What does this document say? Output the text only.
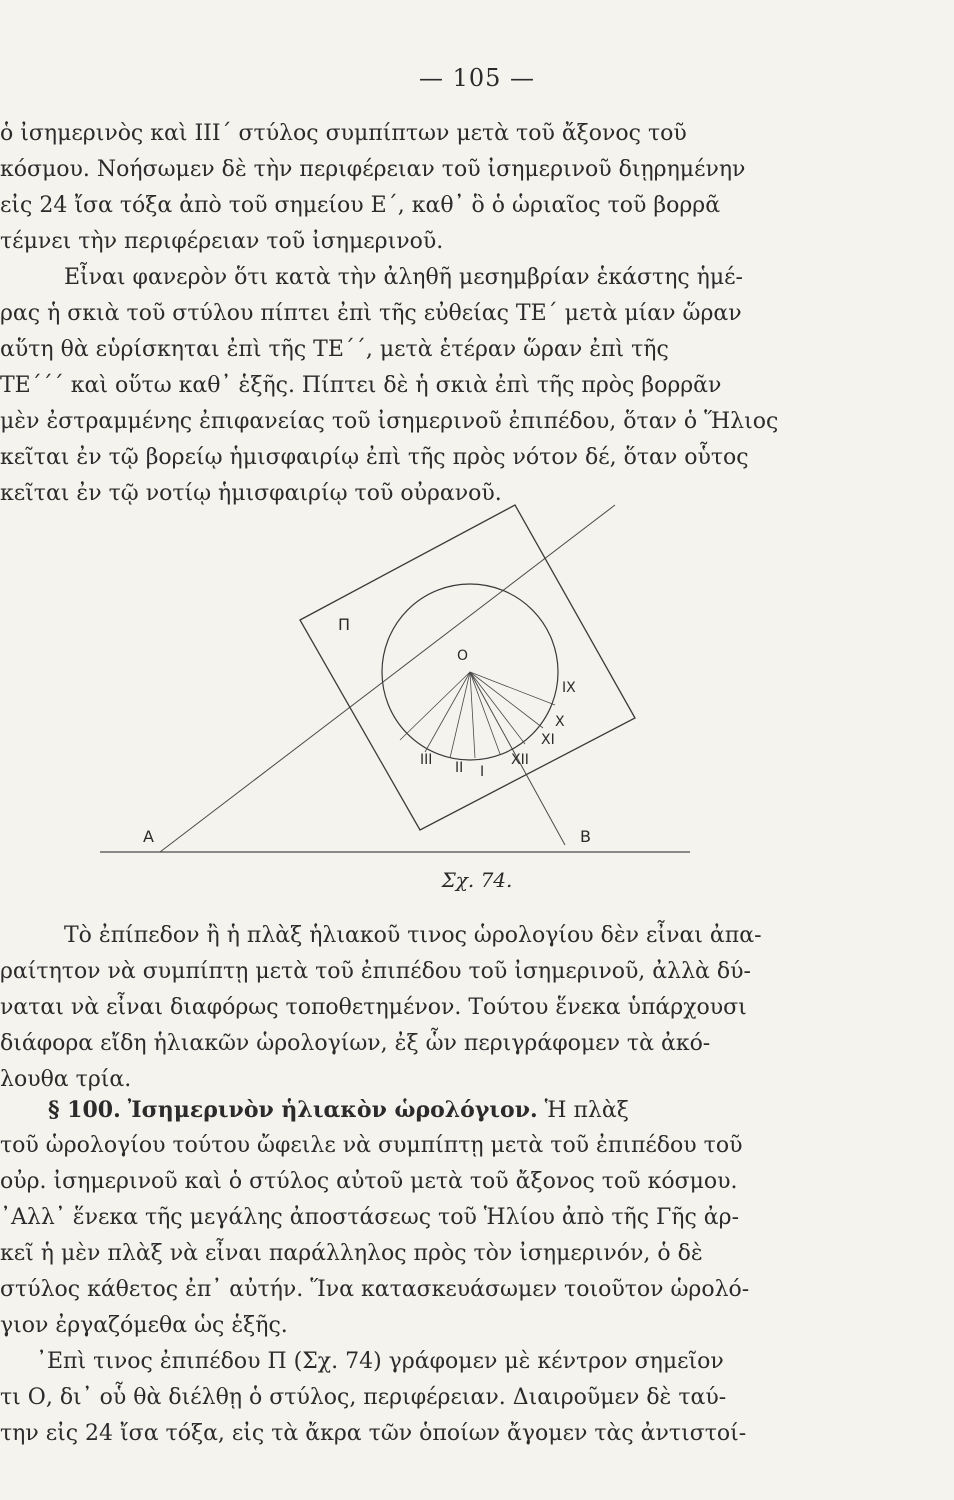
— 105 —
ὁ ἰσημερινὸς καὶ ΙΙΙ΄ στύλος συμπίπτων μετὰ τοῦ ἄξονος τοῦ
κόσμου. Νοήσωμεν δὲ τὴν περιφέρειαν τοῦ ἰσημερινοῦ διῃρημένην
εἰς 24 ἴσα τόξα ἀπὸ τοῦ σημείου Ε΄, καθ᾽ ὃ ὁ ὡριαῖος τοῦ βορρᾶ
τέμνει τὴν περιφέρειαν τοῦ ἰσημερινοῦ.
Εἶναι φανερὸν ὅτι κατὰ τὴν ἀληθῆ μεσημβρίαν ἑκάστης ἡμέ-
ρας ἡ σκιὰ τοῦ στύλου πίπτει ἐπὶ τῆς εὐθείας ΤΕ΄ μετὰ μίαν ὥραν
αὕτη θὰ εὑρίσκηται ἐπὶ τῆς ΤΕ΄΄, μετὰ ἑτέραν ὥραν ἐπὶ τῆς
ΤΕ΄΄΄ καὶ οὕτω καθ᾽ ἑξῆς. Πίπτει δὲ ἡ σκιὰ ἐπὶ τῆς πρὸς βορρᾶν
μὲν ἐστραμμένης ἐπιφανείας τοῦ ἰσημερινοῦ ἐπιπέδου, ὅταν ὁ Ἥλιος
κεῖται ἐν τῷ βορείῳ ἡμισφαιρίῳ ἐπὶ τῆς πρὸς νότον δέ, ὅταν οὗτος
κεῖται ἐν τῷ νοτίῳ ἡμισφαιρίῳ τοῦ οὐρανοῦ.
Π
Ο
IX
X
XI
XII
I
II
III
A	B
Σχ. 74.
Τὸ ἐπίπεδον ἢ ἡ πλὰξ ἡλιακοῦ τινος ὡρολογίου δὲν εἶναι ἀπα-
ραίτητον νὰ συμπίπτῃ μετὰ τοῦ ἐπιπέδου τοῦ ἰσημερινοῦ, ἀλλὰ δύ-
ναται νὰ εἶναι διαφόρως τοποθετημένον. Τούτου ἕνεκα ὑπάρχουσι
διάφορα εἴδη ἡλιακῶν ὡρολογίων, ἐξ ὧν περιγράφομεν τὰ ἀκό-
λουθα τρία.
§ 100. Ἰσημερινὸν ἡλιακὸν ὡρολόγιον. Ἡ πλὰξ
τοῦ ὡρολογίου τούτου ὤφειλε νὰ συμπίπτῃ μετὰ τοῦ ἐπιπέδου τοῦ
οὐρ. ἰσημερινοῦ καὶ ὁ στύλος αὐτοῦ μετὰ τοῦ ἄξονος τοῦ κόσμου.
᾽Αλλ᾽ ἕνεκα τῆς μεγάλης ἀποστάσεως τοῦ Ἡλίου ἀπὸ τῆς Γῆς ἀρ-
κεῖ ἡ μὲν πλὰξ νὰ εἶναι παράλληλος πρὸς τὸν ἰσημερινόν, ὁ δὲ
στύλος κάθετος ἐπ᾽ αὐτήν. Ἵνα κατασκευάσωμεν τοιοῦτον ὡρολό-
γιον ἐργαζόμεθα ὡς ἑξῆς.
᾽Επὶ τινος ἐπιπέδου Π (Σχ. 74) γράφομεν μὲ κέντρον σημεῖον
τι Ο, δι᾽ οὗ θὰ διέλθῃ ὁ στύλος, περιφέρειαν. Διαιροῦμεν δὲ ταύ-
την εἰς 24 ἴσα τόξα, εἰς τὰ ἄκρα τῶν ὁποίων ἄγομεν τὰς ἀντιστοί-
